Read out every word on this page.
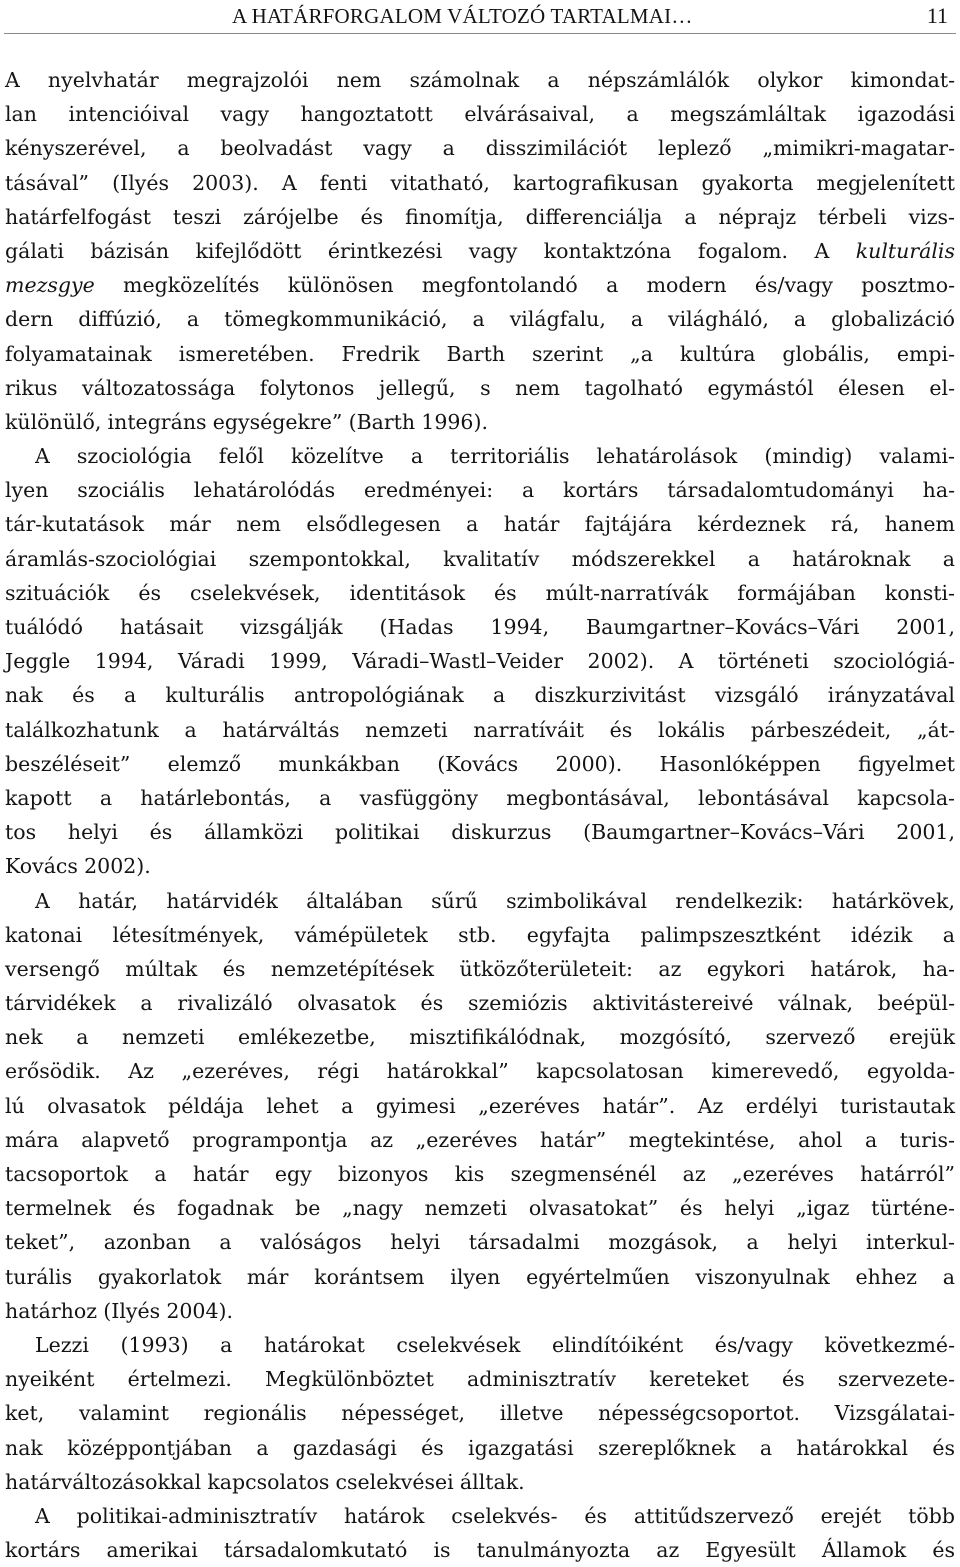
A HATÁRFORGALOM VÁLTOZÓ TARTALMAI…	11
A nyelvhatár megrajzolói nem számolnak a népszámlálók olykor kimondat-
lan intencióival vagy hangoztatott elvárásaival, a megszámláltak igazodási
kényszerével, a beolvadást vagy a disszimilációt leplező „mimikri-magatar-
tásával” (Ilyés 2003). A fenti vitatható, kartografikusan gyakorta megjelenített
határfelfogást teszi zárójelbe és finomítja, differenciálja a néprajz térbeli vizs-
gálati bázisán kifejlődött érintkezési vagy kontaktzóna fogalom. A kulturális
mezsgye megközelítés különösen megfontolandó a modern és/vagy posztmo-
dern diffúzió, a tömegkommunikáció, a világfalu, a világháló, a globalizáció
folyamatainak ismeretében. Fredrik Barth szerint „a kultúra globális, empi-
rikus változatossága folytonos jellegű, s nem tagolható egymástól élesen el-
különülő, integráns egységekre” (Barth 1996).
A szociológia felől közelítve a territoriális lehatárolások (mindig) valami-
lyen szociális lehatárolódás eredményei: a kortárs társadalomtudományi ha-
tár-kutatások már nem elsődlegesen a határ fajtájára kérdeznek rá, hanem
áramlás-szociológiai szempontokkal, kvalitatív módszerekkel a határoknak a
szituációk és cselekvések, identitások és múlt-narratívák formájában konsti-
tuálódó hatásait vizsgálják (Hadas 1994, Baumgartner–Kovács–Vári 2001,
Jeggle 1994, Váradi 1999, Váradi–Wastl–Veider 2002). A történeti szociológiá-
nak és a kulturális antropológiának a diszkurzivitást vizsgáló irányzatával
találkozhatunk a határváltás nemzeti narratíváit és lokális párbeszédeit, „át-
beszéléseit” elemző munkákban (Kovács 2000). Hasonlóképpen figyelmet
kapott a határlebontás, a vasfüggöny megbontásával, lebontásával kapcsola-
tos helyi és államközi politikai diskurzus (Baumgartner–Kovács–Vári 2001,
Kovács 2002).
A határ, határvidék általában sűrű szimbolikával rendelkezik: határkövek,
katonai létesítmények, vámépületek stb. egyfajta palimpszesztként idézik a
versengő múltak és nemzetépítések ütközőterületeit: az egykori határok, ha-
tárvidékek a rivalizáló olvasatok és szemiózis aktivitástereivé válnak, beépül-
nek a nemzeti emlékezetbe, misztifikálódnak, mozgósító, szervező erejük
erősödik. Az „ezeréves, régi határokkal” kapcsolatosan kimerevedő, egyolda-
lú olvasatok példája lehet a gyimesi „ezeréves határ”. Az erdélyi turistautak
mára alapvető programpontja az „ezeréves határ” megtekintése, ahol a turis-
tacsoportok a határ egy bizonyos kis szegmensénél az „ezeréves határról”
termelnek és fogadnak be „nagy nemzeti olvasatokat” és helyi „igaz türténe-
teket”, azonban a valóságos helyi társadalmi mozgások, a helyi interkul-
turális gyakorlatok már korántsem ilyen egyértelműen viszonyulnak ehhez a
határhoz (Ilyés 2004).
Lezzi (1993) a határokat cselekvések elindítóiként és/vagy következmé-
nyeiként értelmezi. Megkülönböztet adminisztratív kereteket és szervezete-
ket, valamint regionális népességet, illetve népességcsoportot. Vizsgálatai-
nak középpontjában a gazdasági és igazgatási szereplőknek a határokkal és
határváltozásokkal kapcsolatos cselekvései álltak.
A politikai-adminisztratív határok cselekvés- és attitűdszervező erejét több
kortárs amerikai társadalomkutató is tanulmányozta az Egyesült Államok és
